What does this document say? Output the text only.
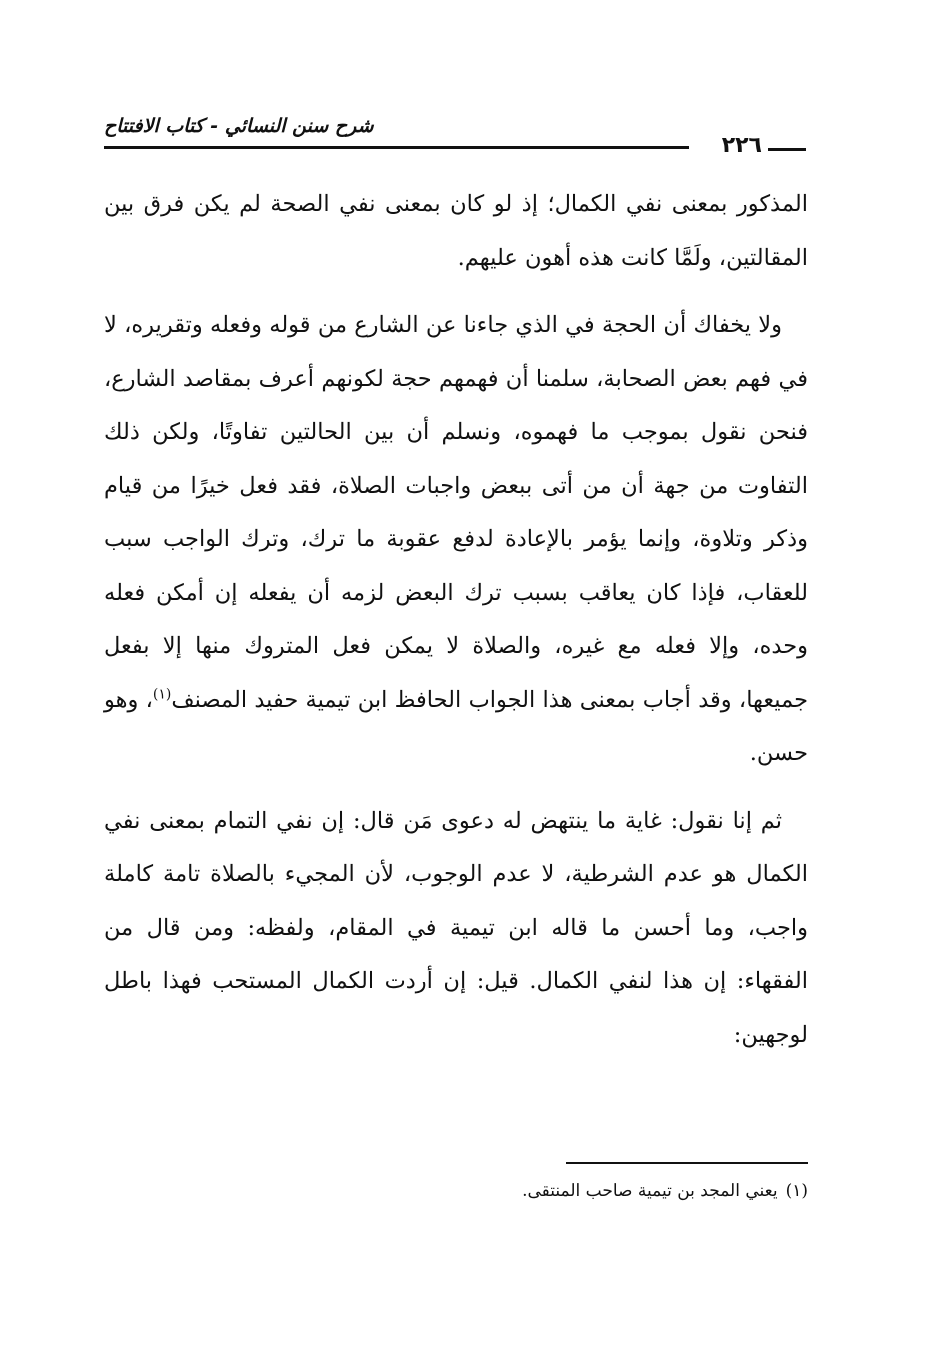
شرح سنن النسائي - كتاب الافتتاح
٢٢٦

المذكور بمعنى نفي الكمال؛ إذ لو كان بمعنى نفي الصحة لم يكن فرق بين المقالتين، ولَمَّا كانت هذه أهون عليهم.

ولا يخفاك أن الحجة في الذي جاءنا عن الشارع من قوله وفعله وتقريره، لا في فهم بعض الصحابة، سلمنا أن فهمهم حجة لكونهم أعرف بمقاصد الشارع، فنحن نقول بموجب ما فهموه، ونسلم أن بين الحالتين تفاوتًا، ولكن ذلك التفاوت من جهة أن من أتى ببعض واجبات الصلاة، فقد فعل خيرًا من قيام وذكر وتلاوة، وإنما يؤمر بالإعادة لدفع عقوبة ما ترك، وترك الواجب سبب للعقاب، فإذا كان يعاقب بسبب ترك البعض لزمه أن يفعله إن أمكن فعله وحده، وإلا فعله مع غيره، والصلاة لا يمكن فعل المتروك منها إلا بفعل جميعها، وقد أجاب بمعنى هذا الجواب الحافظ ابن تيمية حفيد المصنف$^{(١)}$، وهو حسن.

ثم إنا نقول: غاية ما ينتهض له دعوى مَن قال: إن نفي التمام بمعنى نفي الكمال هو عدم الشرطية، لا عدم الوجوب، لأن المجيء بالصلاة تامة كاملة واجب، وما أحسن ما قاله ابن تيمية في المقام، ولفظه: ومن قال من الفقهاء: إن هذا لنفي الكمال. قيل: إن أردت الكمال المستحب فهذا باطل لوجهين:

(١)يعني المجد بن تيمية صاحب المنتقى.
